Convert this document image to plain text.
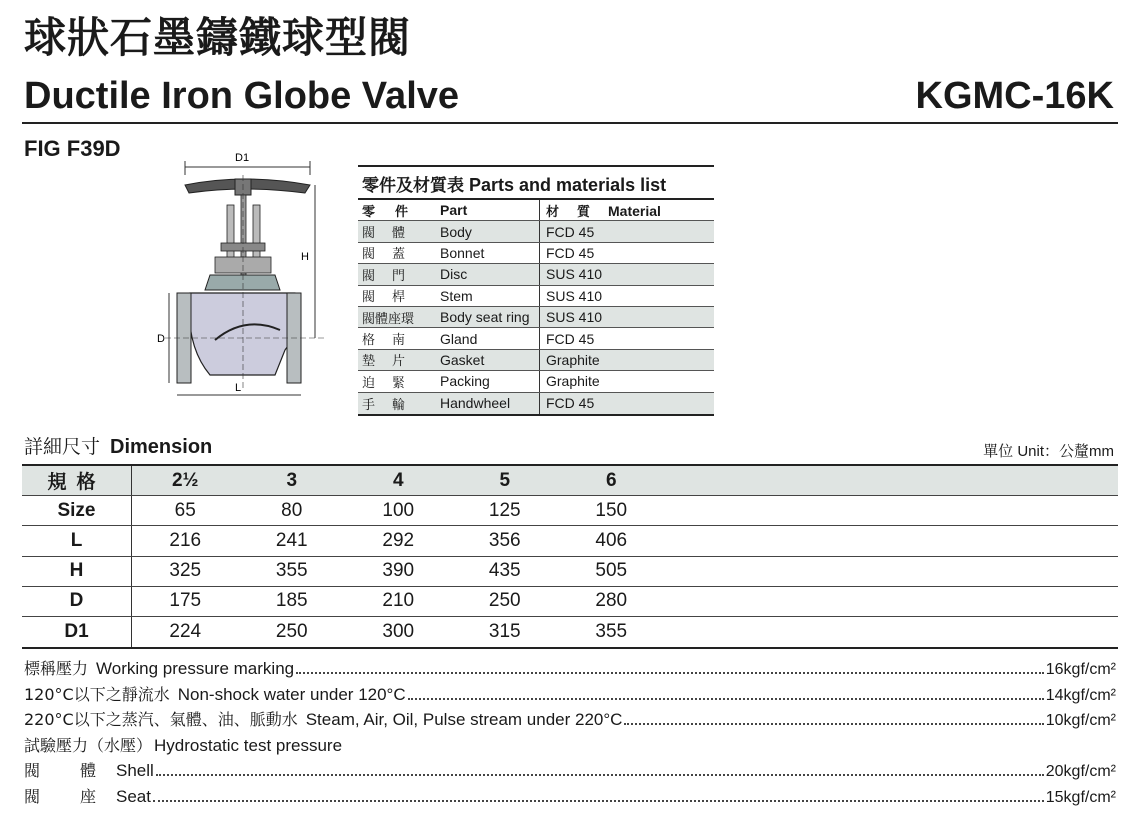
球狀石墨鑄鐵球型閥
Ductile Iron Globe Valve	KGMC-16K
FIG F39D	D1
H
D
L
零件及材質表 Parts and materials list
零件 Part	材質Material
閥　體	Body	FCD 45
閥　蓋	Bonnet	FCD 45
閥　門	Disc	SUS 410
閥　桿	Stem	SUS 410
閥體座環	Body seat ring	SUS 410
格　南	Gland	FCD 45
墊　片	Gasket	Graphite
迫　緊	Packing	Graphite
手　輪	Handwheel	FCD 45
詳細尺寸 Dimension	單位 Unit：公釐mm
規格	2½	3	4	5	6
Size	65	80	100	125	150
L	216	241	292	356	406
H	325	355	390	435	505
D	175	185	210	250	280
D1	224	250	300	315	355
標稱壓力 Working pressure marking	16kgf/cm²
120°C以下之靜流水 Non-shock water under 120°C	14kgf/cm²
220°C以下之蒸汽、氣體、油、脈動水 Steam, Air, Oil, Pulse stream under 220°C	10kgf/cm²
試驗壓力（水壓） Hydrostatic test pressure
閥　體 Shell	20kgf/cm²
閥　座 Seat	15kgf/cm²
